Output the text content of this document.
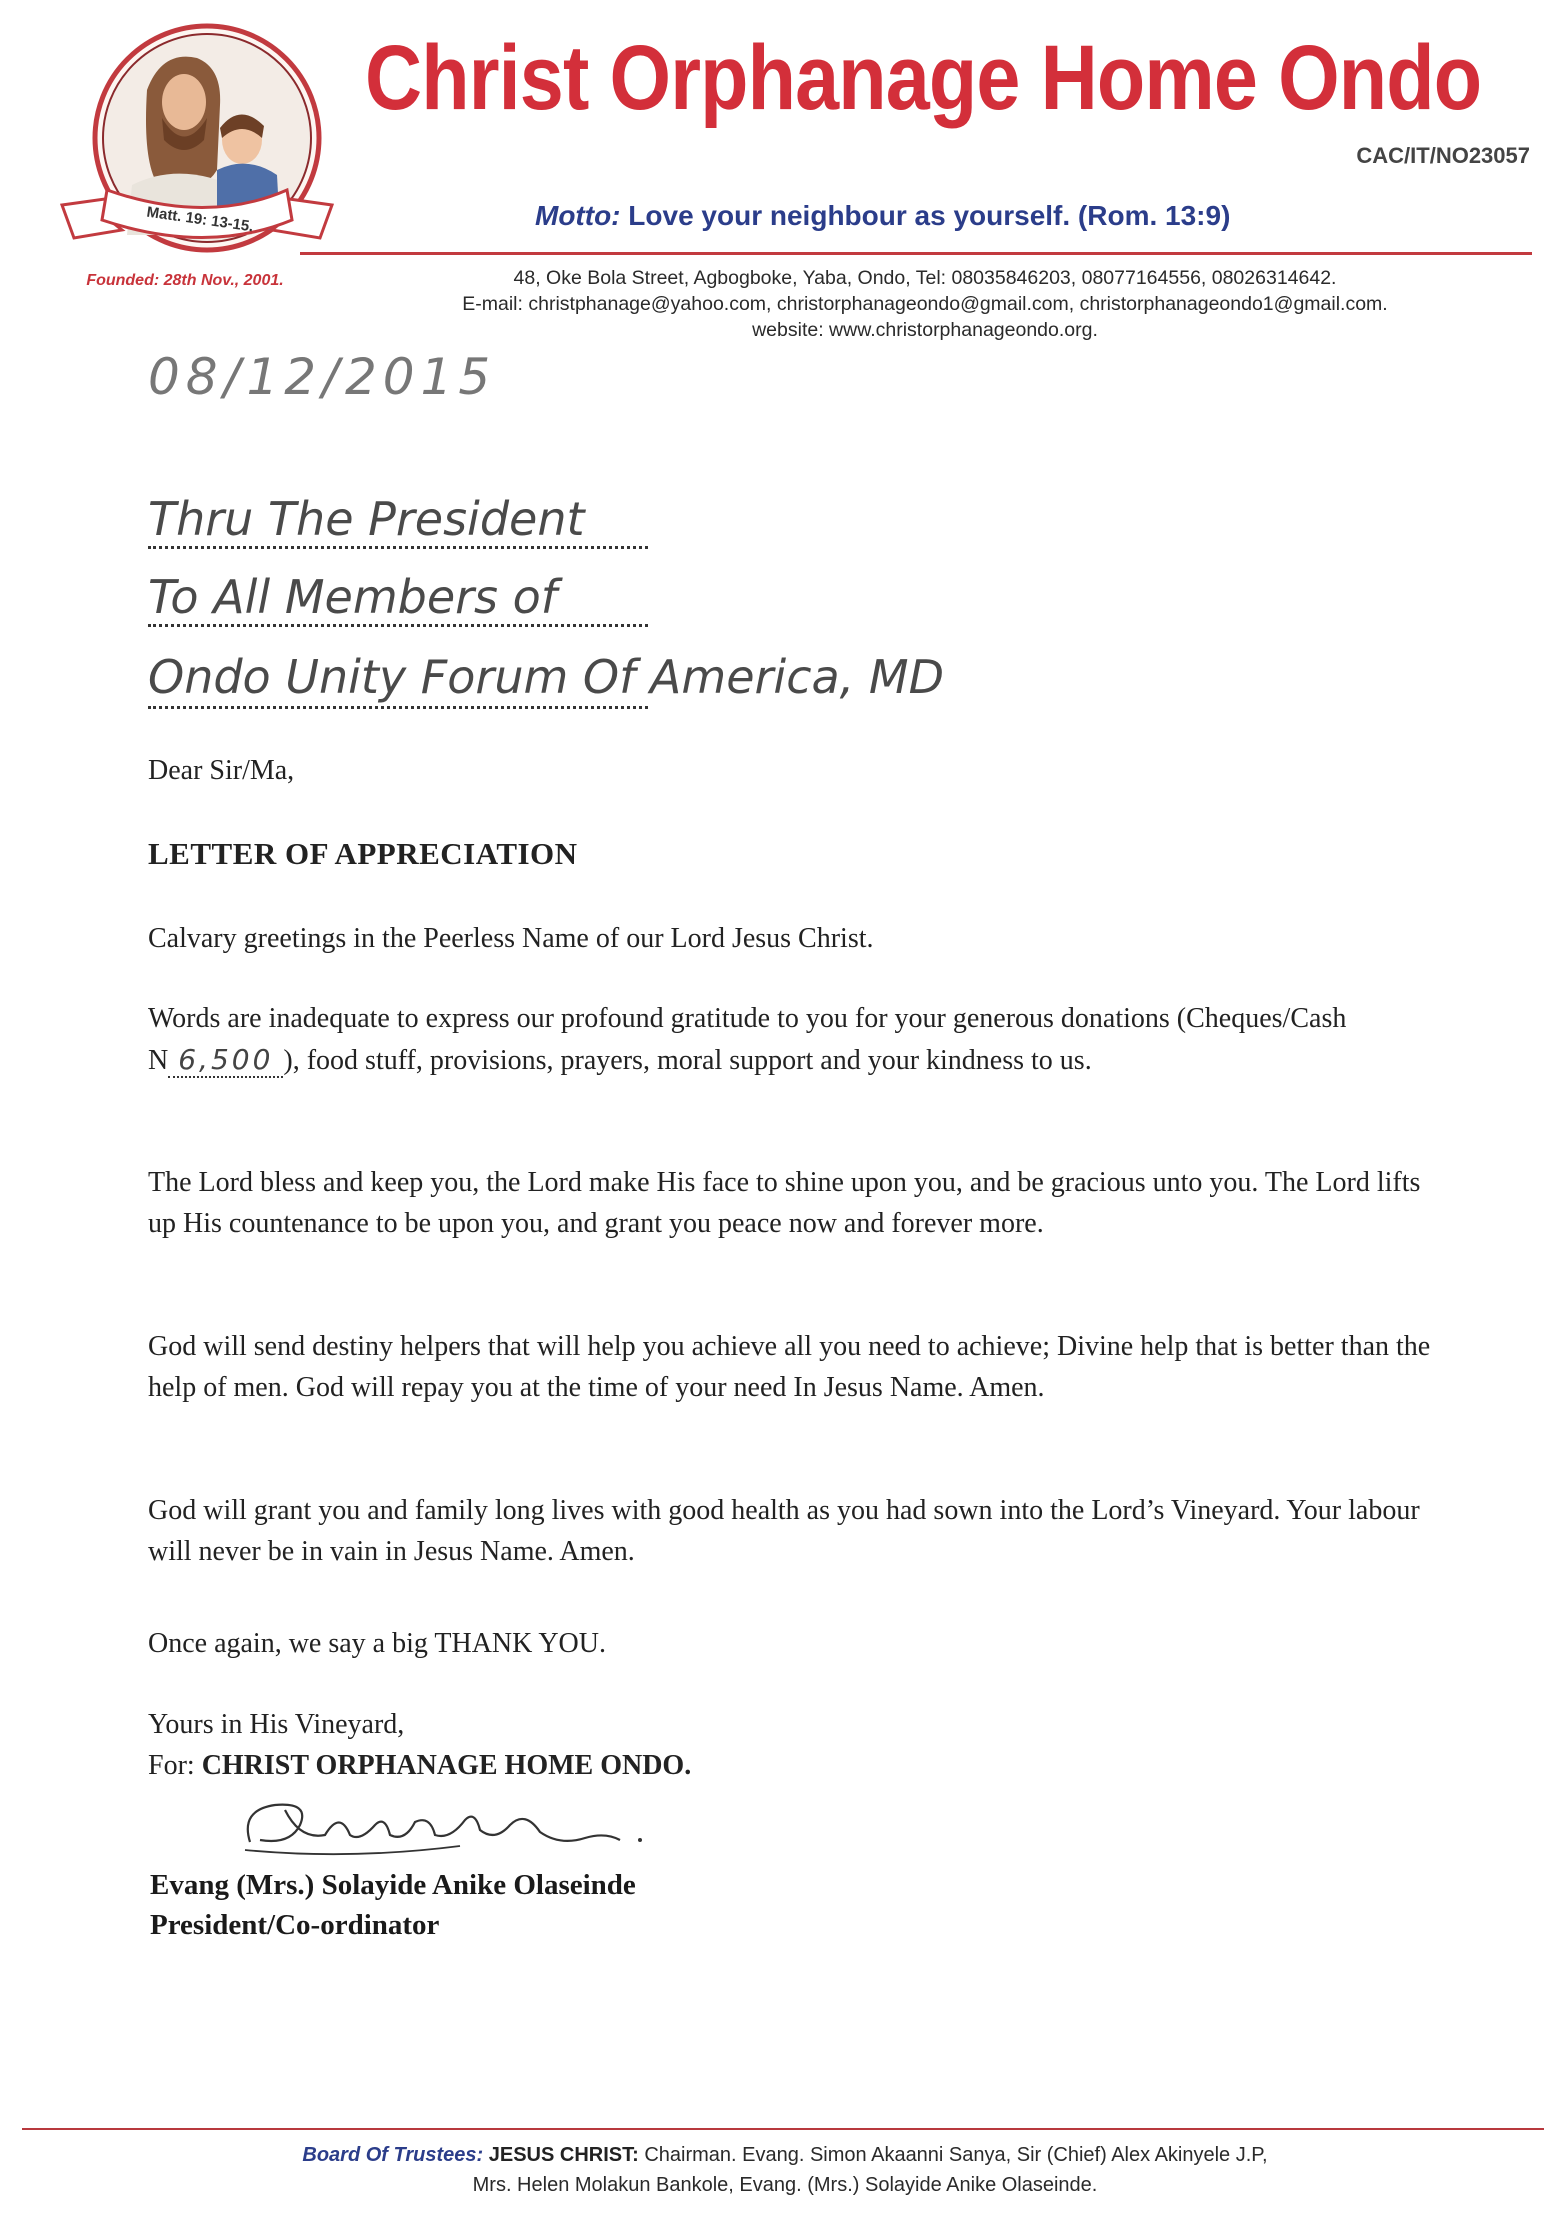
Matt. 19: 13-15.
Christ Orphanage Home Ondo
CAC/IT/NO23057
Motto: Love your neighbour as yourself. (Rom. 13:9)
Founded: 28th Nov., 2001.	48, Oke Bola Street, Agbogboke, Yaba, Ondo, Tel: 08035846203, 08077164556, 08026314642.
E-mail: christphanage@yahoo.com, christorphanageondo@gmail.com, christorphanageondo1@gmail.com.
website: www.christorphanageondo.org.
08/12/2015
Thru The President
To All Members of
Ondo Unity Forum Of America, MD
Dear Sir/Ma,
LETTER OF APPRECIATION
Calvary greetings in the Peerless Name of our Lord Jesus Christ.
Words are inadequate to express our profound gratitude to you for your generous donations (Cheques/Cash N 6,500 ), food stuff, provisions, prayers, moral support and your kindness to us.
The Lord bless and keep you, the Lord make His face to shine upon you, and be gracious unto you. The Lord lifts up His countenance to be upon you, and grant you peace now and forever more.
God will send destiny helpers that will help you achieve all you need to achieve; Divine help that is better than the help of men. God will repay you at the time of your need In Jesus Name. Amen.
God will grant you and family long lives with good health as you had sown into the Lord’s Vineyard. Your labour will never be in vain in Jesus Name. Amen.
Once again, we say a big THANK YOU.
Yours in His Vineyard,
For: CHRIST ORPHANAGE HOME ONDO.
Evang (Mrs.) Solayide Anike Olaseinde
President/Co-ordinator
Board Of Trustees: JESUS CHRIST: Chairman. Evang. Simon Akaanni Sanya, Sir (Chief) Alex Akinyele J.P,
Mrs. Helen Molakun Bankole, Evang. (Mrs.) Solayide Anike Olaseinde.
